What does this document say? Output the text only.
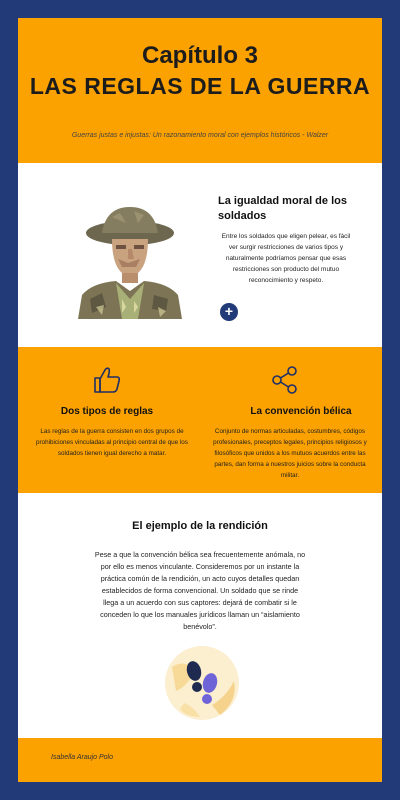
Capítulo 3
LAS REGLAS DE LA GUERRA
Guerras justas e injustas: Un razonamiento moral con ejemplos históricos - Walzer
La igualdad moral de los soldados
Entre los soldados que eligen pelear, es fácil ver surgir restricciones de varios tipos y naturalmente podríamos pensar que esas restricciones son producto del mutuo reconocimiento y respeto.
+
Dos tipos de reglas
Las reglas de la guerra consisten en dos grupos de prohibiciones vinculadas al principio central de que los soldados tienen igual derecho a matar.
La convención bélica
Conjunto de normas articuladas, costumbres, códigos profesionales, preceptos legales, principios religiosos y filosóficos que unidos a los mutuos acuerdos entre las partes, dan forma a nuestros juicios sobre la conducta militar.
El ejemplo de la rendición
Pese a que la convención bélica sea frecuentemente anómala, no por ello es menos vinculante. Consideremos por un instante la práctica común de la rendición, un acto cuyos detalles quedan establecidos de forma convencional. Un soldado que se rinde llega a un acuerdo con sus captores: dejará de combatir si le conceden lo que los manuales jurídicos llaman un “aislamiento benévolo”.
Isabella Araujo Polo
